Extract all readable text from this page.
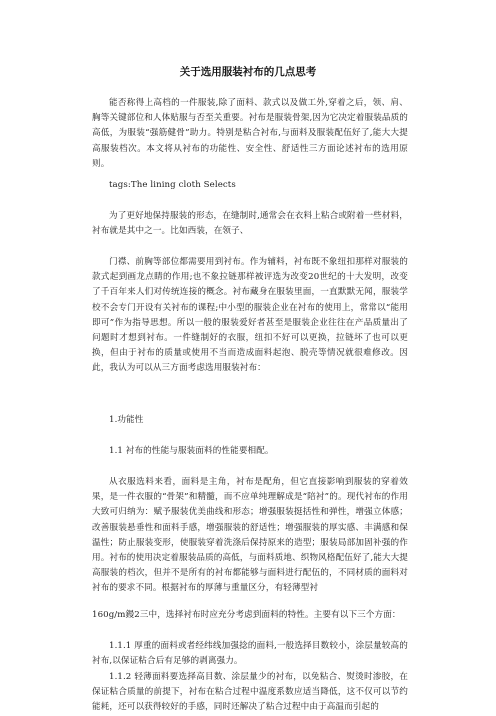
关于选用服装衬布的几点思考

能否称得上高档的一件服装,除了面料、款式以及做工外,穿着之后，领、肩、胸等关键部位和人体贴服与否至关重要。衬布是服装骨架,因为它决定着服装品质的高低，为服装“强筋健骨”助力。特别是粘合衬布,与面料及服装配伍好了,能大大提高服装档次。本文将从衬布的功能性、安全性、舒适性三方面论述衬布的选用原则。

tags:The lining cloth Selects

为了更好地保持服装的形态，在缝制时,通常会在衣料上粘合或附着一些材料，衬布就是其中之一。比如西装，在领子、

门襟、前胸等部位都需要用到衬布。作为辅料，衬布既不象纽扣那样对服装的款式起到画龙点睛的作用;也不象拉链那样被评选为改变20世纪的十大发明，改变了千百年来人们对传统连接的概念。衬布藏身在服装里面，一直默默无闻，服装学校不会专门开设有关衬布的课程;中小型的服装企业在衬布的使用上，常常以“能用即可”作为指导思想。所以一般的服装爱好者甚至是服装企业往往在产品质量出了问题时才想到衬布。一件缝制好的衣服，纽扣不好可以更换，拉链坏了也可以更换，但由于衬布的质量或使用不当而造成面料起泡、脱壳等情况就很难修改。因此，我认为可以从三方面考虑选用服装衬布：

1.功能性

1.1 衬布的性能与服装面料的性能要相配。

从衣服选料来看，面料是主角，衬布是配角，但它直接影响到服装的穿着效果，是一件衣服的“骨架”和精髓，而不应单纯理解成是“陪衬”的。现代衬布的作用大致可归纳为：赋予服装优美曲线和形态；增强服装挺括性和弹性，增强立体感；改善服装悬垂性和面料手感，增强服装的舒适性；增强服装的厚实感、丰满感和保温性；防止服装变形，使服装穿着洗涤后保持原来的造型；服装局部加固补强的作用。衬布的使用决定着服装品质的高低，与面料质地、织物风格配伍好了,能大大提高服装的档次，但并不是所有的衬布都能够与面料进行配伍的，不同材质的面料对衬布的要求不同。根据衬布的厚薄与重量区分，有轻薄型衬

160g/m鏝2三中，选择衬布时应充分考虑到面料的特性。主要有以下三个方面：

1.1.1 厚重的面料或者经纬线加强捻的面料,一般选择目数较小，涂层量较高的衬布,以保证粘合后有足够的剥离强力。

1.1.2 轻薄面料要选择高目数、涂层量少的衬布，以免粘合、熨烫时渗胶，在保证粘合质量的前提下，衬布在粘合过程中温度系数应适当降低，这不仅可以节约能耗，还可以获得较好的手感，同时还解决了粘合过程中由于高温而引起的
